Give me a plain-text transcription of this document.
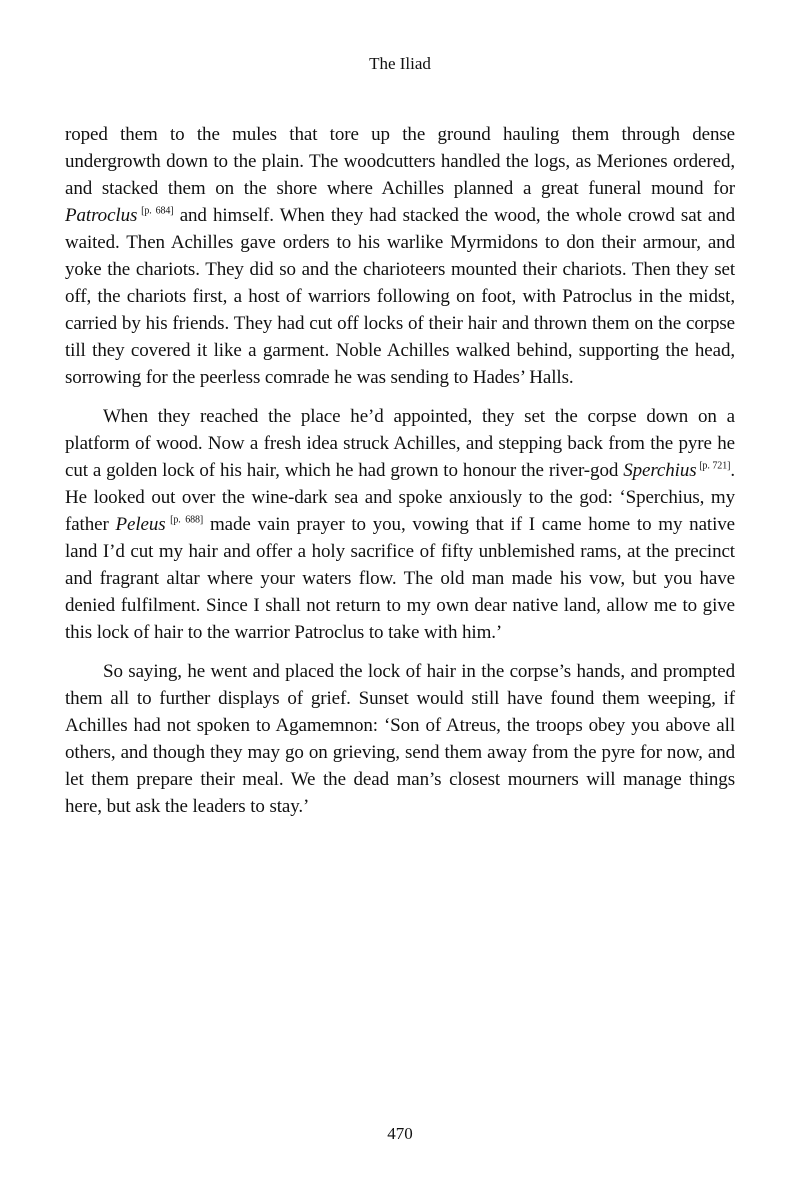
The Iliad

roped them to the mules that tore up the ground hauling them through dense undergrowth down to the plain. The woodcutters handled the logs, as Meriones ordered, and stacked them on the shore where Achilles planned a great funeral mound for Patroclus [p. 684] and himself. When they had stacked the wood, the whole crowd sat and waited. Then Achilles gave orders to his warlike Myrmidons to don their armour, and yoke the chariots. They did so and the charioteers mounted their chariots. Then they set off, the chariots first, a host of warriors following on foot, with Patroclus in the midst, carried by his friends. They had cut off locks of their hair and thrown them on the corpse till they covered it like a garment. Noble Achilles walked behind, supporting the head, sorrowing for the peerless comrade he was sending to Hades’ Halls.

When they reached the place he’d appointed, they set the corpse down on a platform of wood. Now a fresh idea struck Achilles, and stepping back from the pyre he cut a golden lock of his hair, which he had grown to honour the river-god Sperchius [p. 721]. He looked out over the wine-dark sea and spoke anxiously to the god: ‘Sperchius, my father Peleus [p. 688] made vain prayer to you, vowing that if I came home to my native land I’d cut my hair and offer a holy sacrifice of fifty unblemished rams, at the precinct and fragrant altar where your waters flow. The old man made his vow, but you have denied fulfilment. Since I shall not return to my own dear native land, allow me to give this lock of hair to the warrior Patroclus to take with him.’

So saying, he went and placed the lock of hair in the corpse’s hands, and prompted them all to further displays of grief. Sunset would still have found them weeping, if Achilles had not spoken to Agamemnon: ‘Son of Atreus, the troops obey you above all others, and though they may go on grieving, send them away from the pyre for now, and let them prepare their meal. We the dead man’s closest mourners will manage things here, but ask the leaders to stay.’

470
